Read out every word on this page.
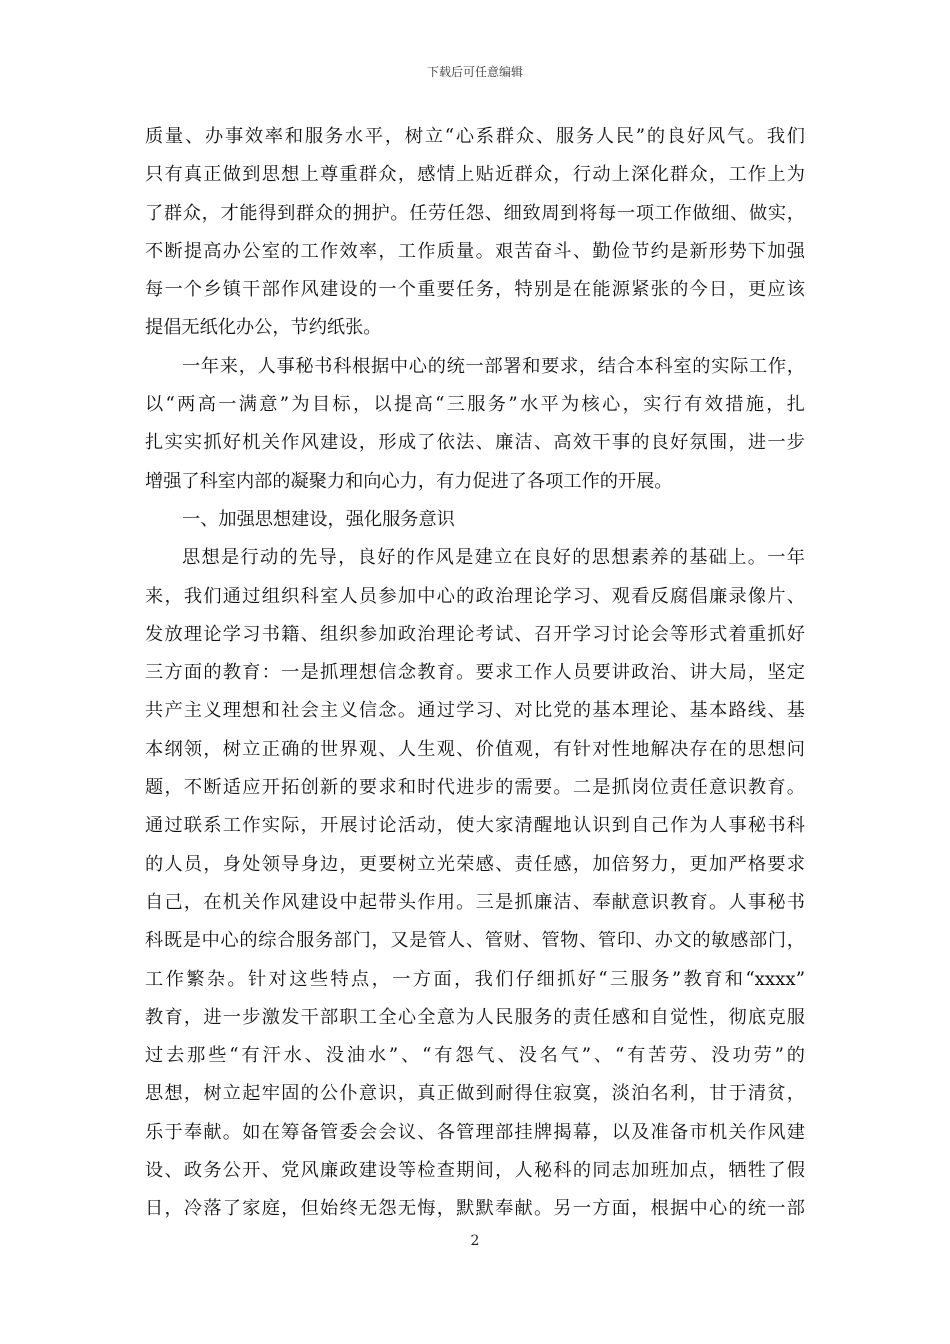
下载后可任意编辑
质量、办事效率和服务水平，树立“心系群众、服务人民”的良好风气。我们
只有真正做到思想上尊重群众，感情上贴近群众，行动上深化群众，工作上为
了群众，才能得到群众的拥护。任劳任怨、细致周到将每一项工作做细、做实，
不断提高办公室的工作效率，工作质量。艰苦奋斗、勤俭节约是新形势下加强
每一个乡镇干部作风建设的一个重要任务，特别是在能源紧张的今日，更应该
提倡无纸化办公，节约纸张。
一年来，人事秘书科根据中心的统一部署和要求，结合本科室的实际工作，
以“两高一满意”为目标，以提高“三服务”水平为核心，实行有效措施，扎
扎实实抓好机关作风建设，形成了依法、廉洁、高效干事的良好氛围，进一步
增强了科室内部的凝聚力和向心力，有力促进了各项工作的开展。
一、加强思想建设，强化服务意识
思想是行动的先导，良好的作风是建立在良好的思想素养的基础上。一年
来，我们通过组织科室人员参加中心的政治理论学习、观看反腐倡廉录像片、
发放理论学习书籍、组织参加政治理论考试、召开学习讨论会等形式着重抓好
三方面的教育：一是抓理想信念教育。要求工作人员要讲政治、讲大局，坚定
共产主义理想和社会主义信念。通过学习、对比党的基本理论、基本路线、基
本纲领，树立正确的世界观、人生观、价值观，有针对性地解决存在的思想问
题，不断适应开拓创新的要求和时代进步的需要。二是抓岗位责任意识教育。
通过联系工作实际，开展讨论活动，使大家清醒地认识到自己作为人事秘书科
的人员，身处领导身边，更要树立光荣感、责任感，加倍努力，更加严格要求
自己，在机关作风建设中起带头作用。三是抓廉洁、奉献意识教育。人事秘书
科既是中心的综合服务部门，又是管人、管财、管物、管印、办文的敏感部门，
工作繁杂。针对这些特点，一方面，我们仔细抓好“三服务”教育和“xxxx”
教育，进一步激发干部职工全心全意为人民服务的责任感和自觉性，彻底克服
过去那些“有汗水、没油水”、“有怨气、没名气”、“有苦劳、没功劳”的
思想，树立起牢固的公仆意识，真正做到耐得住寂寞，淡泊名利，甘于清贫，
乐于奉献。如在筹备管委会会议、各管理部挂牌揭幕，以及准备市机关作风建
设、政务公开、党风廉政建设等检查期间，人秘科的同志加班加点，牺牲了假
日，冷落了家庭，但始终无怨无悔，默默奉献。另一方面，根据中心的统一部
2
